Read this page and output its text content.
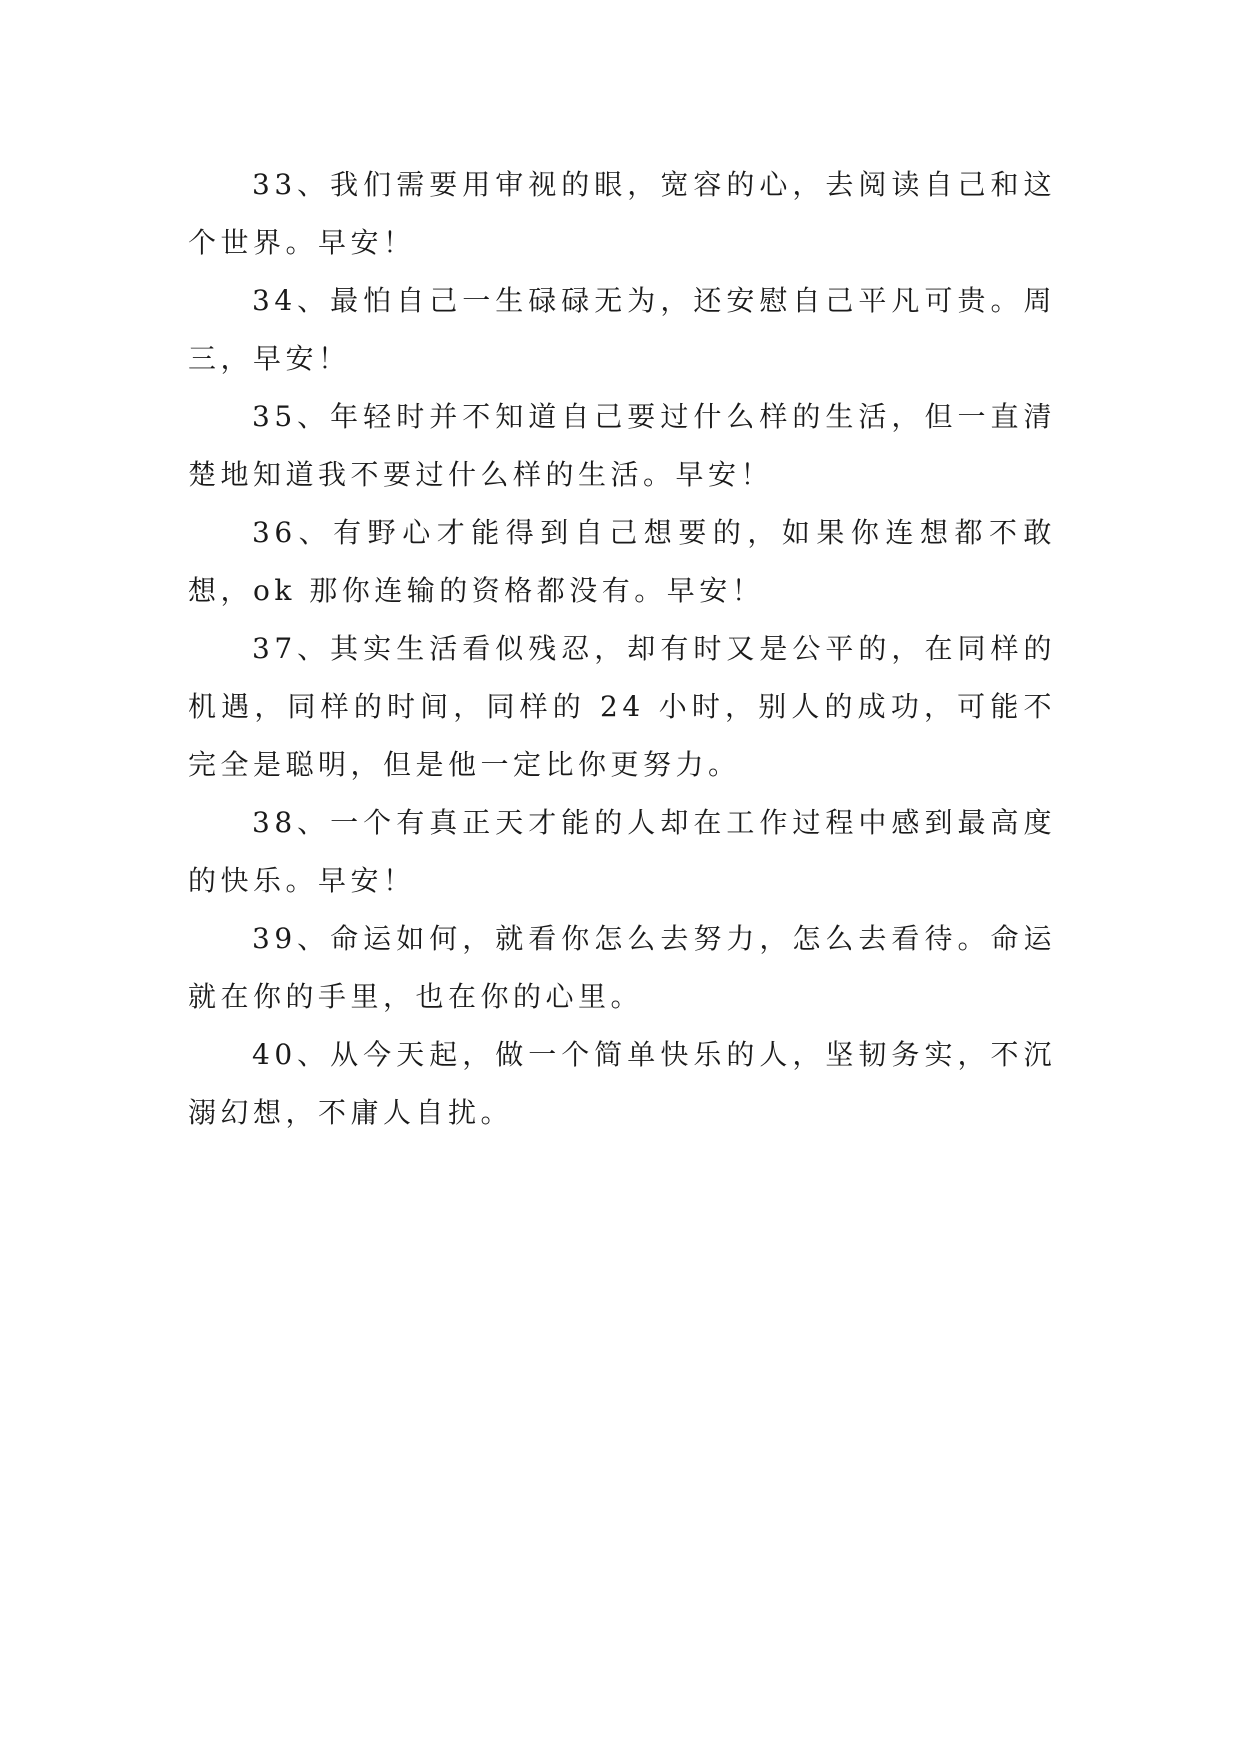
33、我们需要用审视的眼，宽容的心，去阅读自己和这个世界。早安！

34、最怕自己一生碌碌无为，还安慰自己平凡可贵。周三，早安！

35、年轻时并不知道自己要过什么样的生活，但一直清楚地知道我不要过什么样的生活。早安！

36、有野心才能得到自己想要的，如果你连想都不敢想，ok 那你连输的资格都没有。早安！

37、其实生活看似残忍，却有时又是公平的，在同样的机遇，同样的时间，同样的 24 小时，别人的成功，可能不完全是聪明，但是他一定比你更努力。

38、一个有真正天才能的人却在工作过程中感到最高度的快乐。早安！

39、命运如何，就看你怎么去努力，怎么去看待。命运就在你的手里，也在你的心里。

40、从今天起，做一个简单快乐的人，坚韧务实，不沉溺幻想，不庸人自扰。
